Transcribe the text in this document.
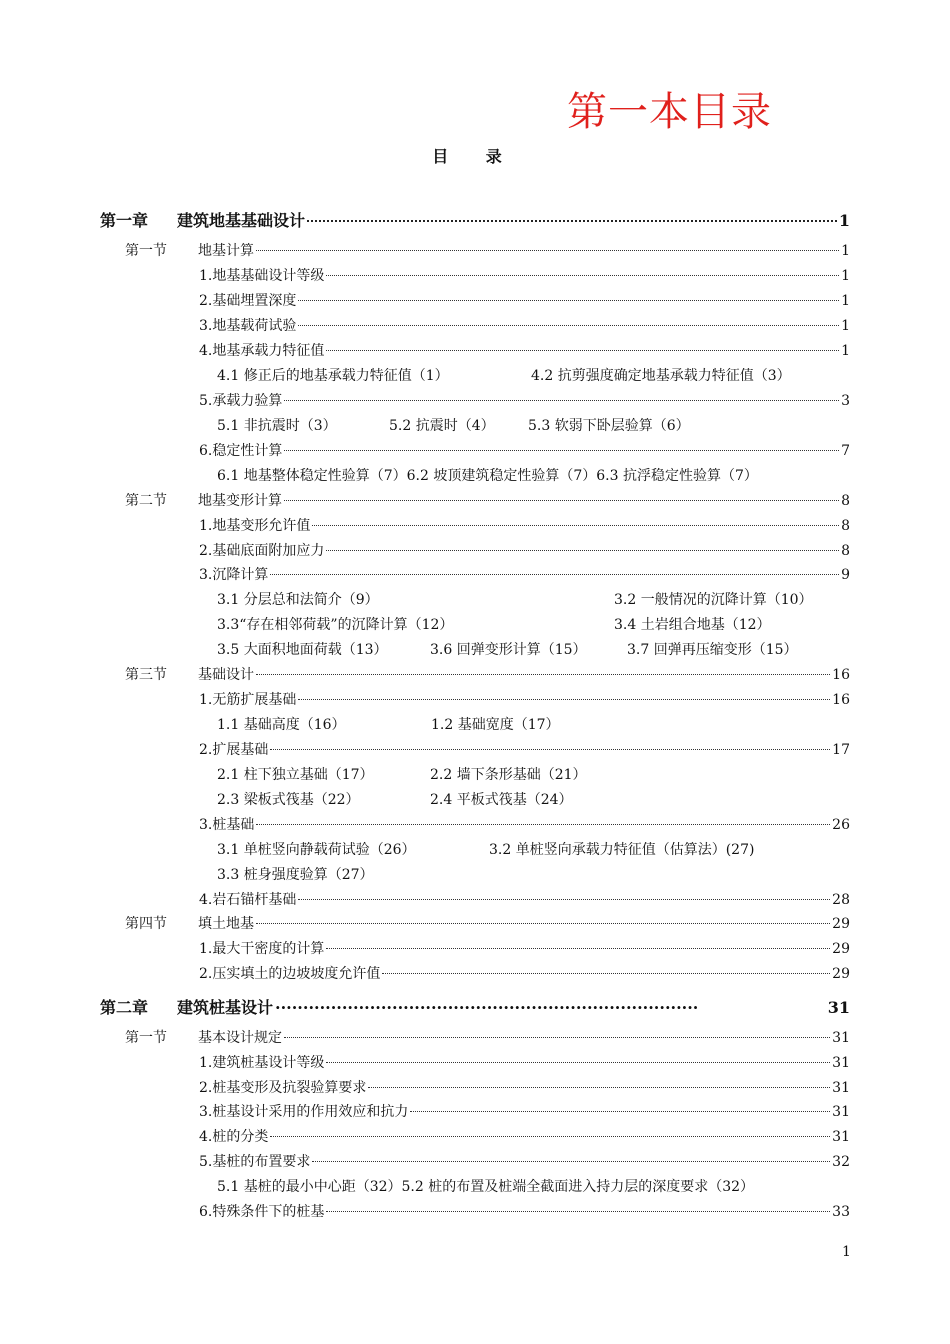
第一本目录
目 录
第一章	建筑地基基础设计	1
第一节	地基计算	1
1.地基基础设计等级	1
2.基础埋置深度	1
3.地基载荷试验	1
4.地基承载力特征值	1
4.1 修正后的地基承载力特征值（1）	4.2 抗剪强度确定地基承载力特征值（3）
5.承载力验算	3
5.1 非抗震时（3）	5.2 抗震时（4） 5.3 软弱下卧层验算（6）
6.稳定性计算	7
6.1 地基整体稳定性验算（7）6.2 坡顶建筑稳定性验算（7）6.3 抗浮稳定性验算（7）
第二节	地基变形计算	8
1.地基变形允许值	8
2.基础底面附加应力	8
3.沉降计算	9
3.1 分层总和法简介（9）	3.2 一般情况的沉降计算（10）
3.3“存在相邻荷载”的沉降计算（12）	3.4 土岩组合地基（12）
3.5 大面积地面荷载（13）	3.6 回弹变形计算（15）	3.7 回弹再压缩变形（15）
第三节	基础设计	16
1.无筋扩展基础	16
1.1 基础高度（16）	1.2 基础宽度（17）
2.扩展基础	17
2.1 柱下独立基础（17）	2.2 墙下条形基础（21）
2.3 梁板式筏基（22）	2.4 平板式筏基（24）
3.桩基础	26
3.1 单桩竖向静载荷试验（26）	3.2 单桩竖向承载力特征值（估算法）(27)
3.3 桩身强度验算（27）
4.岩石锚杆基础	28
第四节	填土地基	29
1.最大干密度的计算	29
2.压实填土的边坡坡度允许值	29
第二章	建筑桩基设计 ············································································	31
第一节	基本设计规定	31
1.建筑桩基设计等级	31
2.桩基变形及抗裂验算要求	31
3.桩基设计采用的作用效应和抗力	31
4.桩的分类	31
5.基桩的布置要求	32
5.1 基桩的最小中心距（32）5.2 桩的布置及桩端全截面进入持力层的深度要求（32）
6.特殊条件下的桩基	33
1
